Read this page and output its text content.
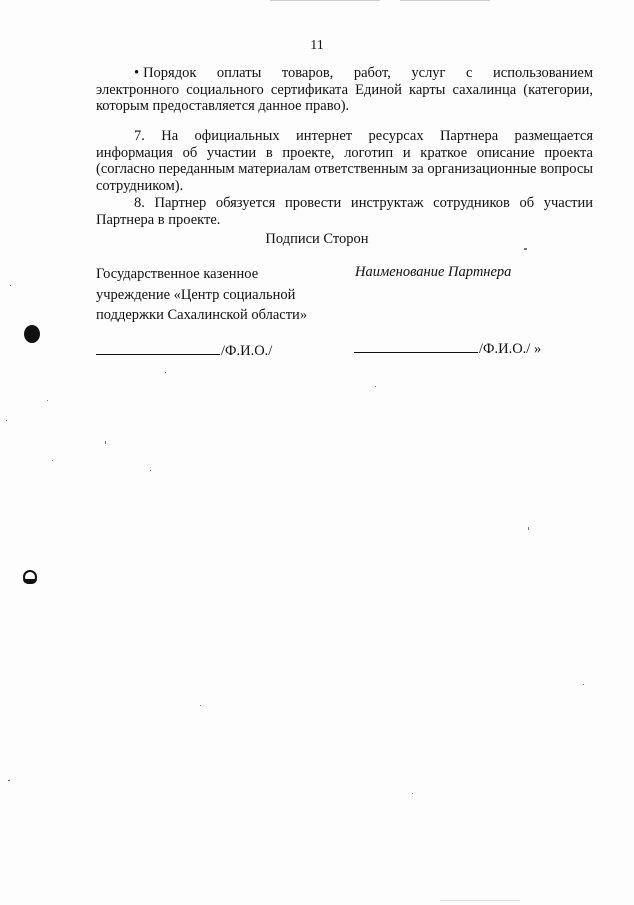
11

• Порядок оплаты товаров, работ, услуг с использованием
электронного социального сертификата Единой карты сахалинца (категории, которым предоставляется данное право).

7. На официальных интернет ресурсах Партнера размещается
информация об участии в проекте, логотип и краткое описание проекта (согласно переданным материалам ответственным за организационные вопросы сотрудником).

8. Партнер обязуется провести инструктаж сотрудников об участии
Партнера в проекте.

Подписи Сторон

Государственное казенное
учреждение «Центр социальной
поддержки Сахалинской области»

Наименование Партнера

/Ф.И.О./	/Ф.И.О./ »
